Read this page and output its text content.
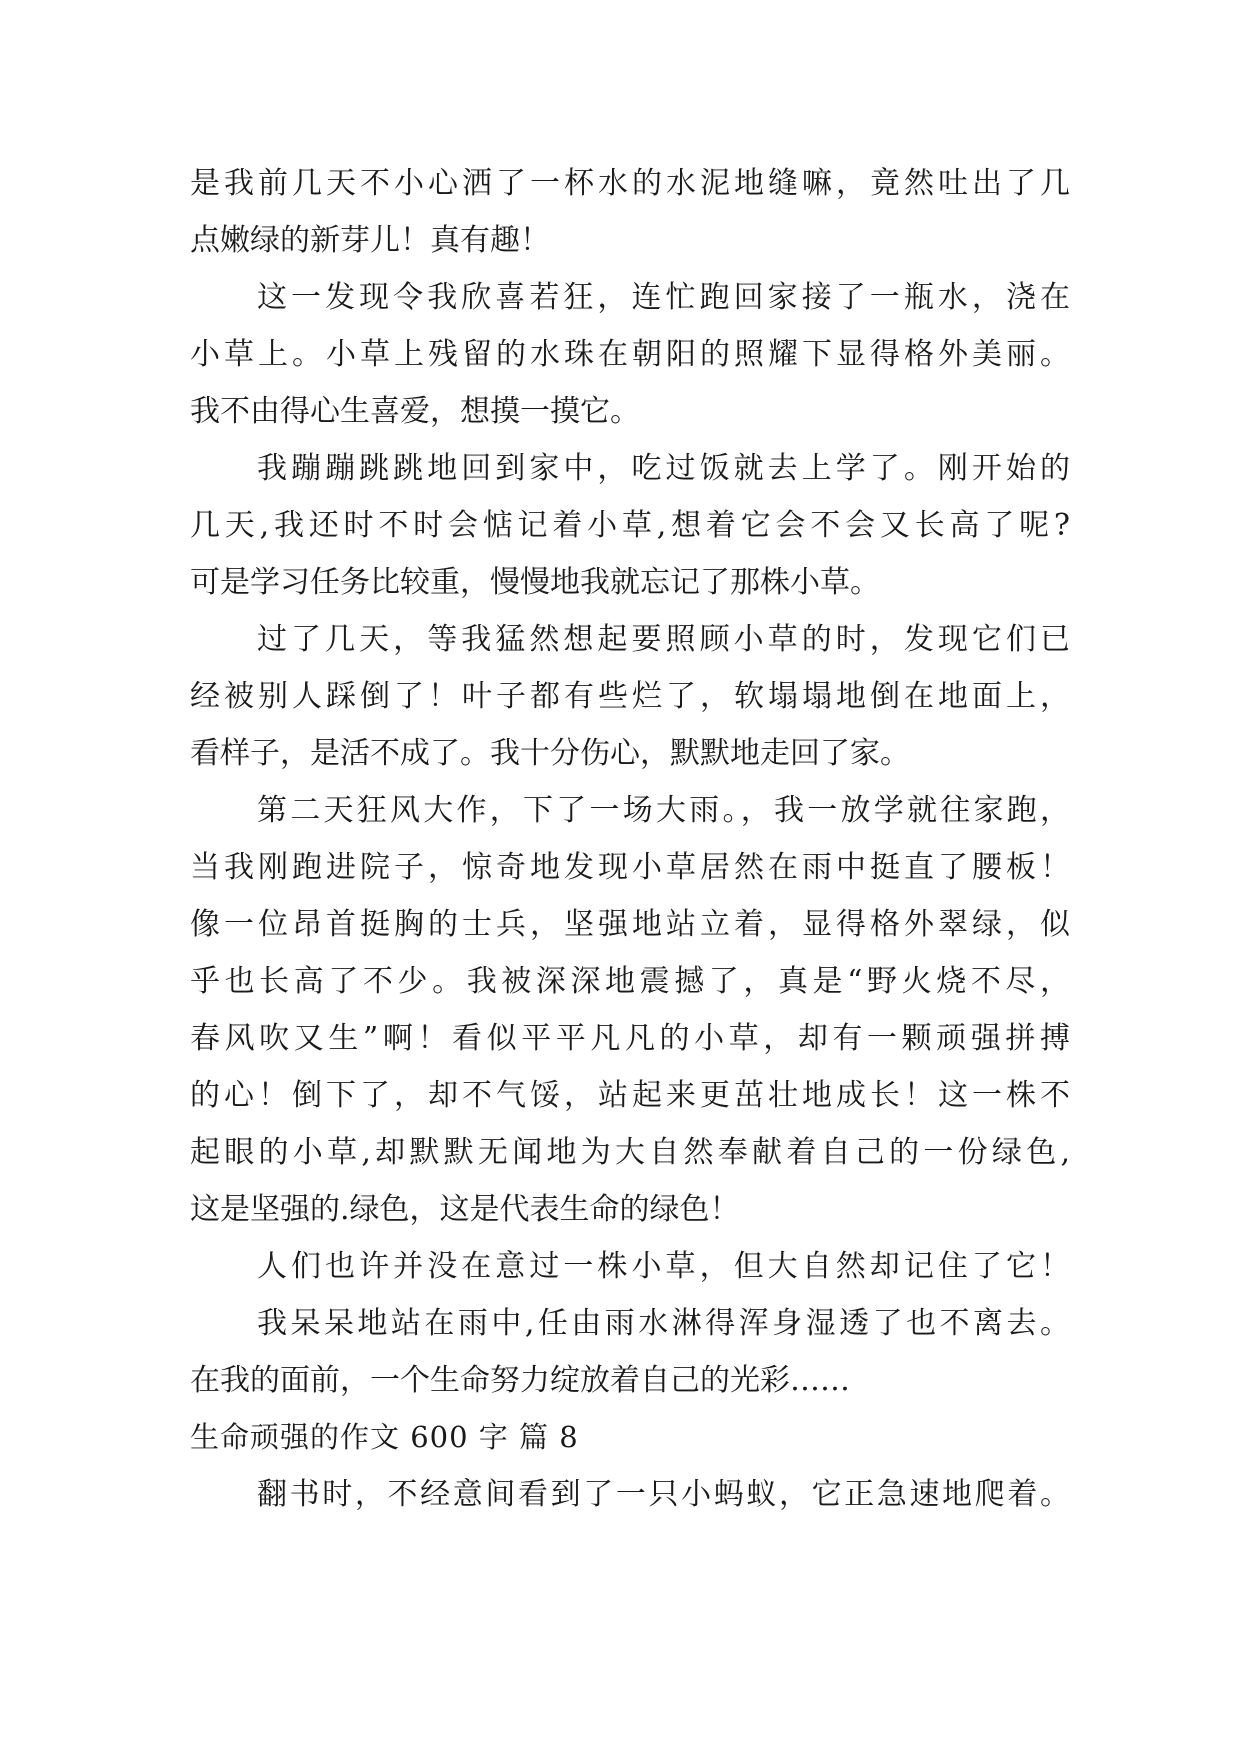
是我前几天不小心洒了一杯水的水泥地缝嘛，竟然吐出了几
点嫩绿的新芽儿！真有趣！
这一发现令我欣喜若狂，连忙跑回家接了一瓶水，浇在
小草上。小草上残留的水珠在朝阳的照耀下显得格外美丽。
我不由得心生喜爱，想摸一摸它。
我蹦蹦跳跳地回到家中，吃过饭就去上学了。刚开始的
几天,我还时不时会惦记着小草,想着它会不会又长高了呢?
可是学习任务比较重，慢慢地我就忘记了那株小草。
过了几天，等我猛然想起要照顾小草的时，发现它们已
经被别人踩倒了！叶子都有些烂了，软塌塌地倒在地面上，
看样子，是活不成了。我十分伤心，默默地走回了家。
第二天狂风大作，下了一场大雨。，我一放学就往家跑，
当我刚跑进院子，惊奇地发现小草居然在雨中挺直了腰板！
像一位昂首挺胸的士兵，坚强地站立着，显得格外翠绿，似
乎也长高了不少。我被深深地震撼了，真是“野火烧不尽，
春风吹又生”啊！看似平平凡凡的小草，却有一颗顽强拼搏
的心！倒下了，却不气馁，站起来更茁壮地成长！这一株不
起眼的小草,却默默无闻地为大自然奉献着自己的一份绿色,
这是坚强的.绿色，这是代表生命的绿色！
人们也许并没在意过一株小草，但大自然却记住了它！
我呆呆地站在雨中,任由雨水淋得浑身湿透了也不离去。
在我的面前，一个生命努力绽放着自己的光彩……
生命顽强的作文 600 字 篇 8
翻书时，不经意间看到了一只小蚂蚁，它正急速地爬着。
